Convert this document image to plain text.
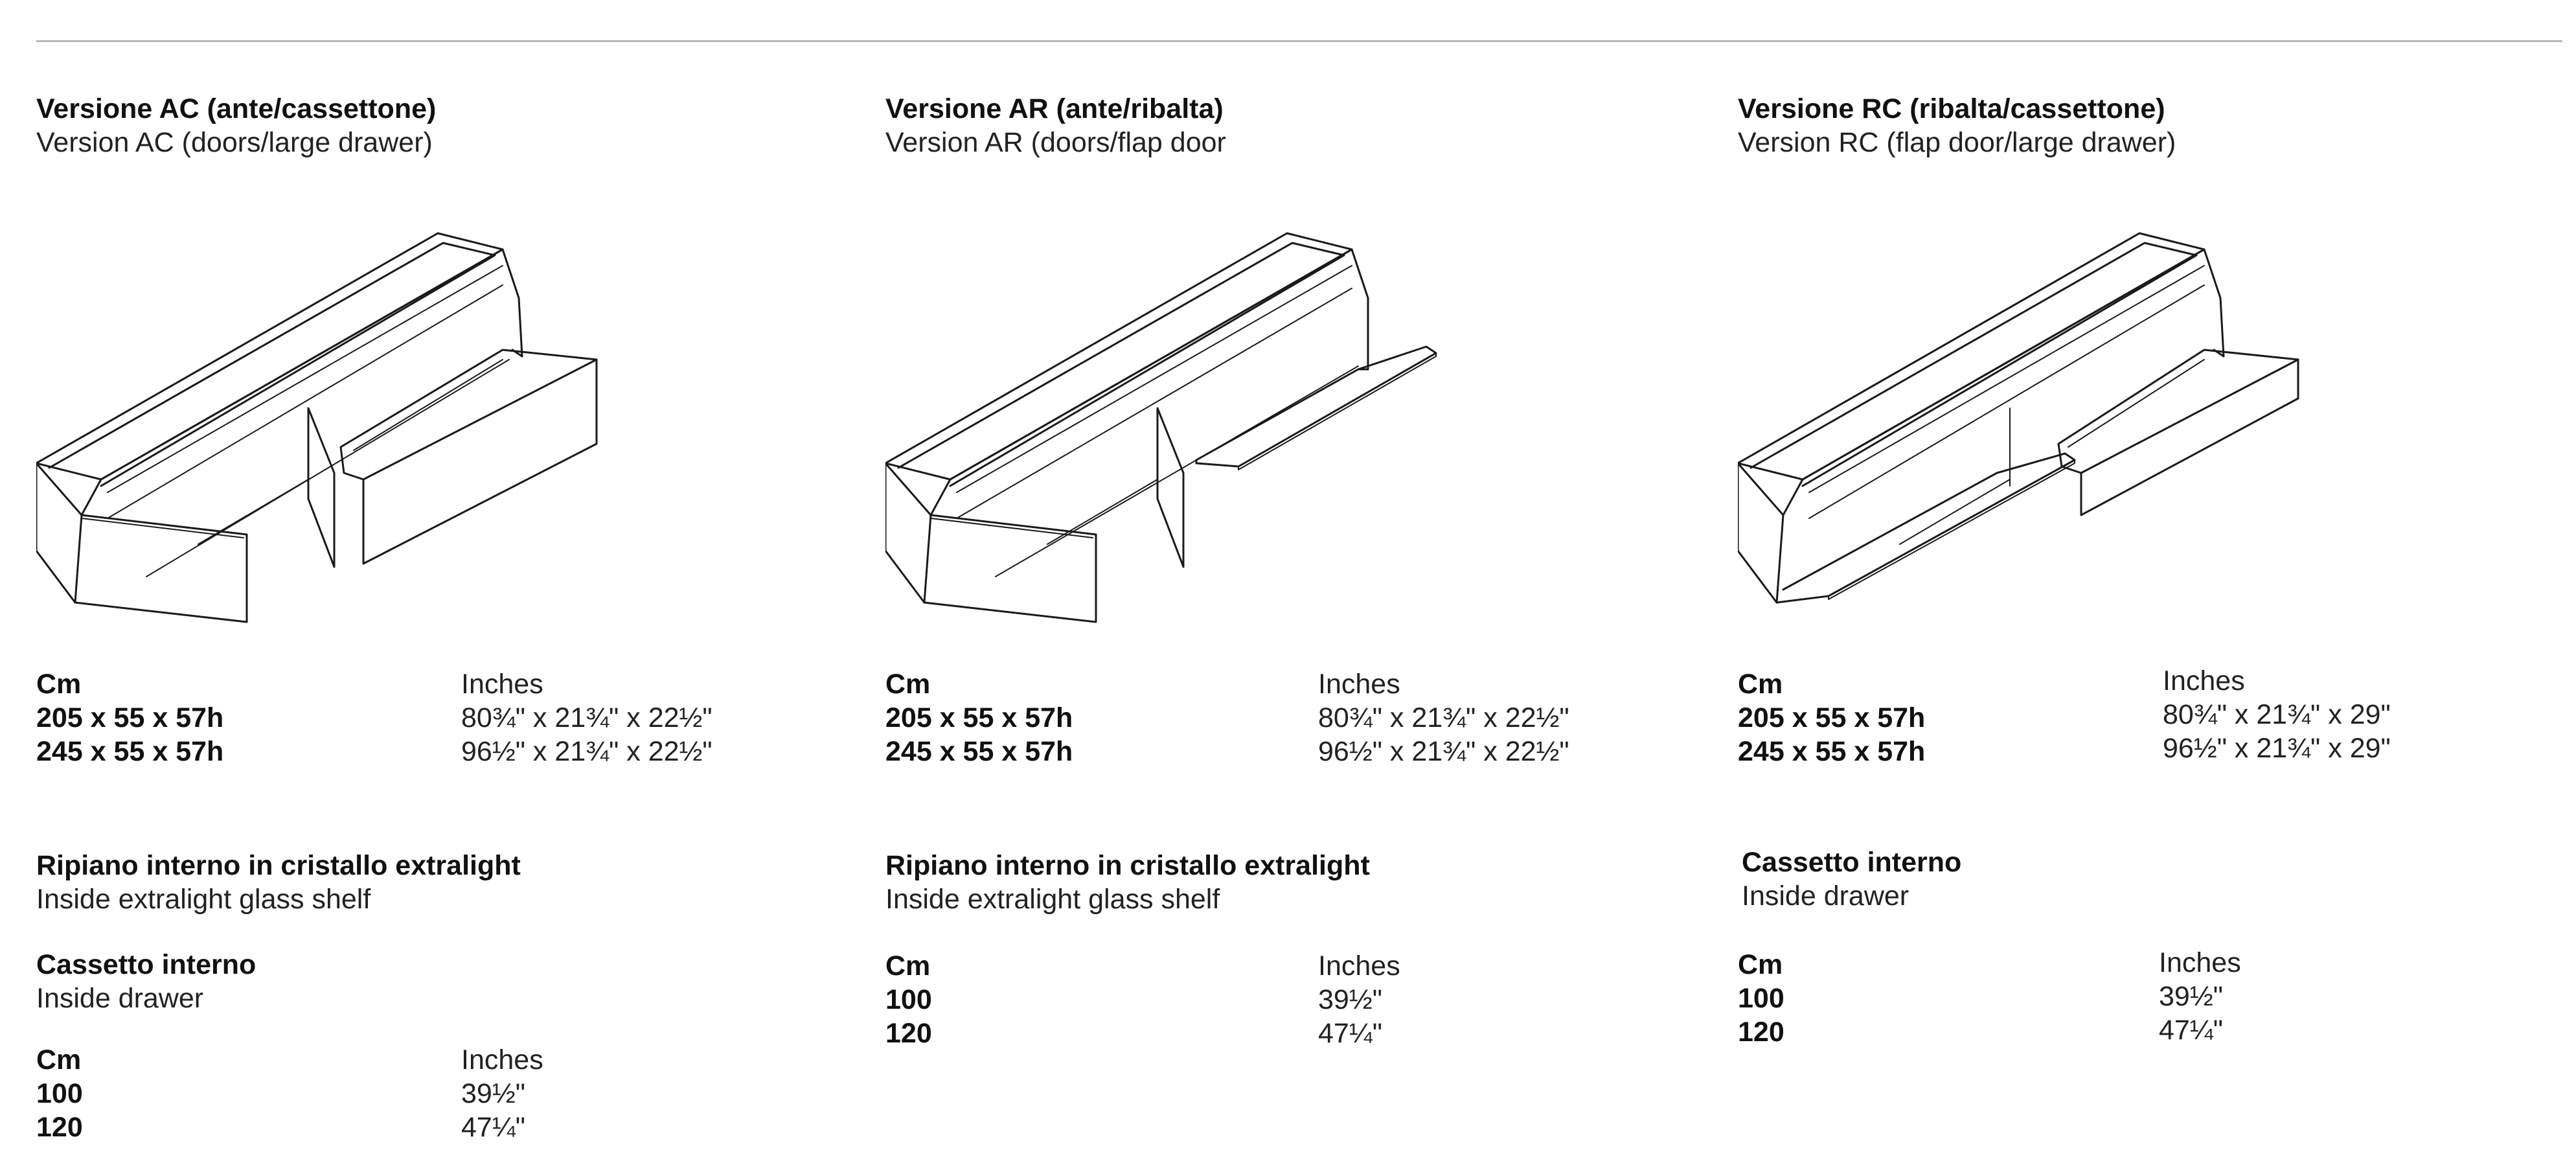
Versione AC (ante/cassettone)
Version AC (doors/large drawer)
Cm
205 x 55 x 57h
245 x 55 x 57h
Inches
80¾" x 21¾" x 22½"
96½" x 21¾" x 22½"
Ripiano interno in cristallo extralight
Inside extralight glass shelf
Cassetto interno
Inside drawer
Cm
100
120
Inches
39½"
47¼"
Versione AR (ante/ribalta)
Version AR (doors/flap door
Cm
205 x 55 x 57h
245 x 55 x 57h
Inches
80¾" x 21¾" x 22½"
96½" x 21¾" x 22½"
Ripiano interno in cristallo extralight
Inside extralight glass shelf
Cm
100
120
Inches
39½"
47¼"
Versione RC (ribalta/cassettone)
Version RC (flap door/large drawer)
Cm
205 x 55 x 57h
245 x 55 x 57h
Inches
80¾" x 21¾" x 29"
96½" x 21¾" x 29"
Cassetto interno
Inside drawer
Cm
100
120
Inches
39½"
47¼"
